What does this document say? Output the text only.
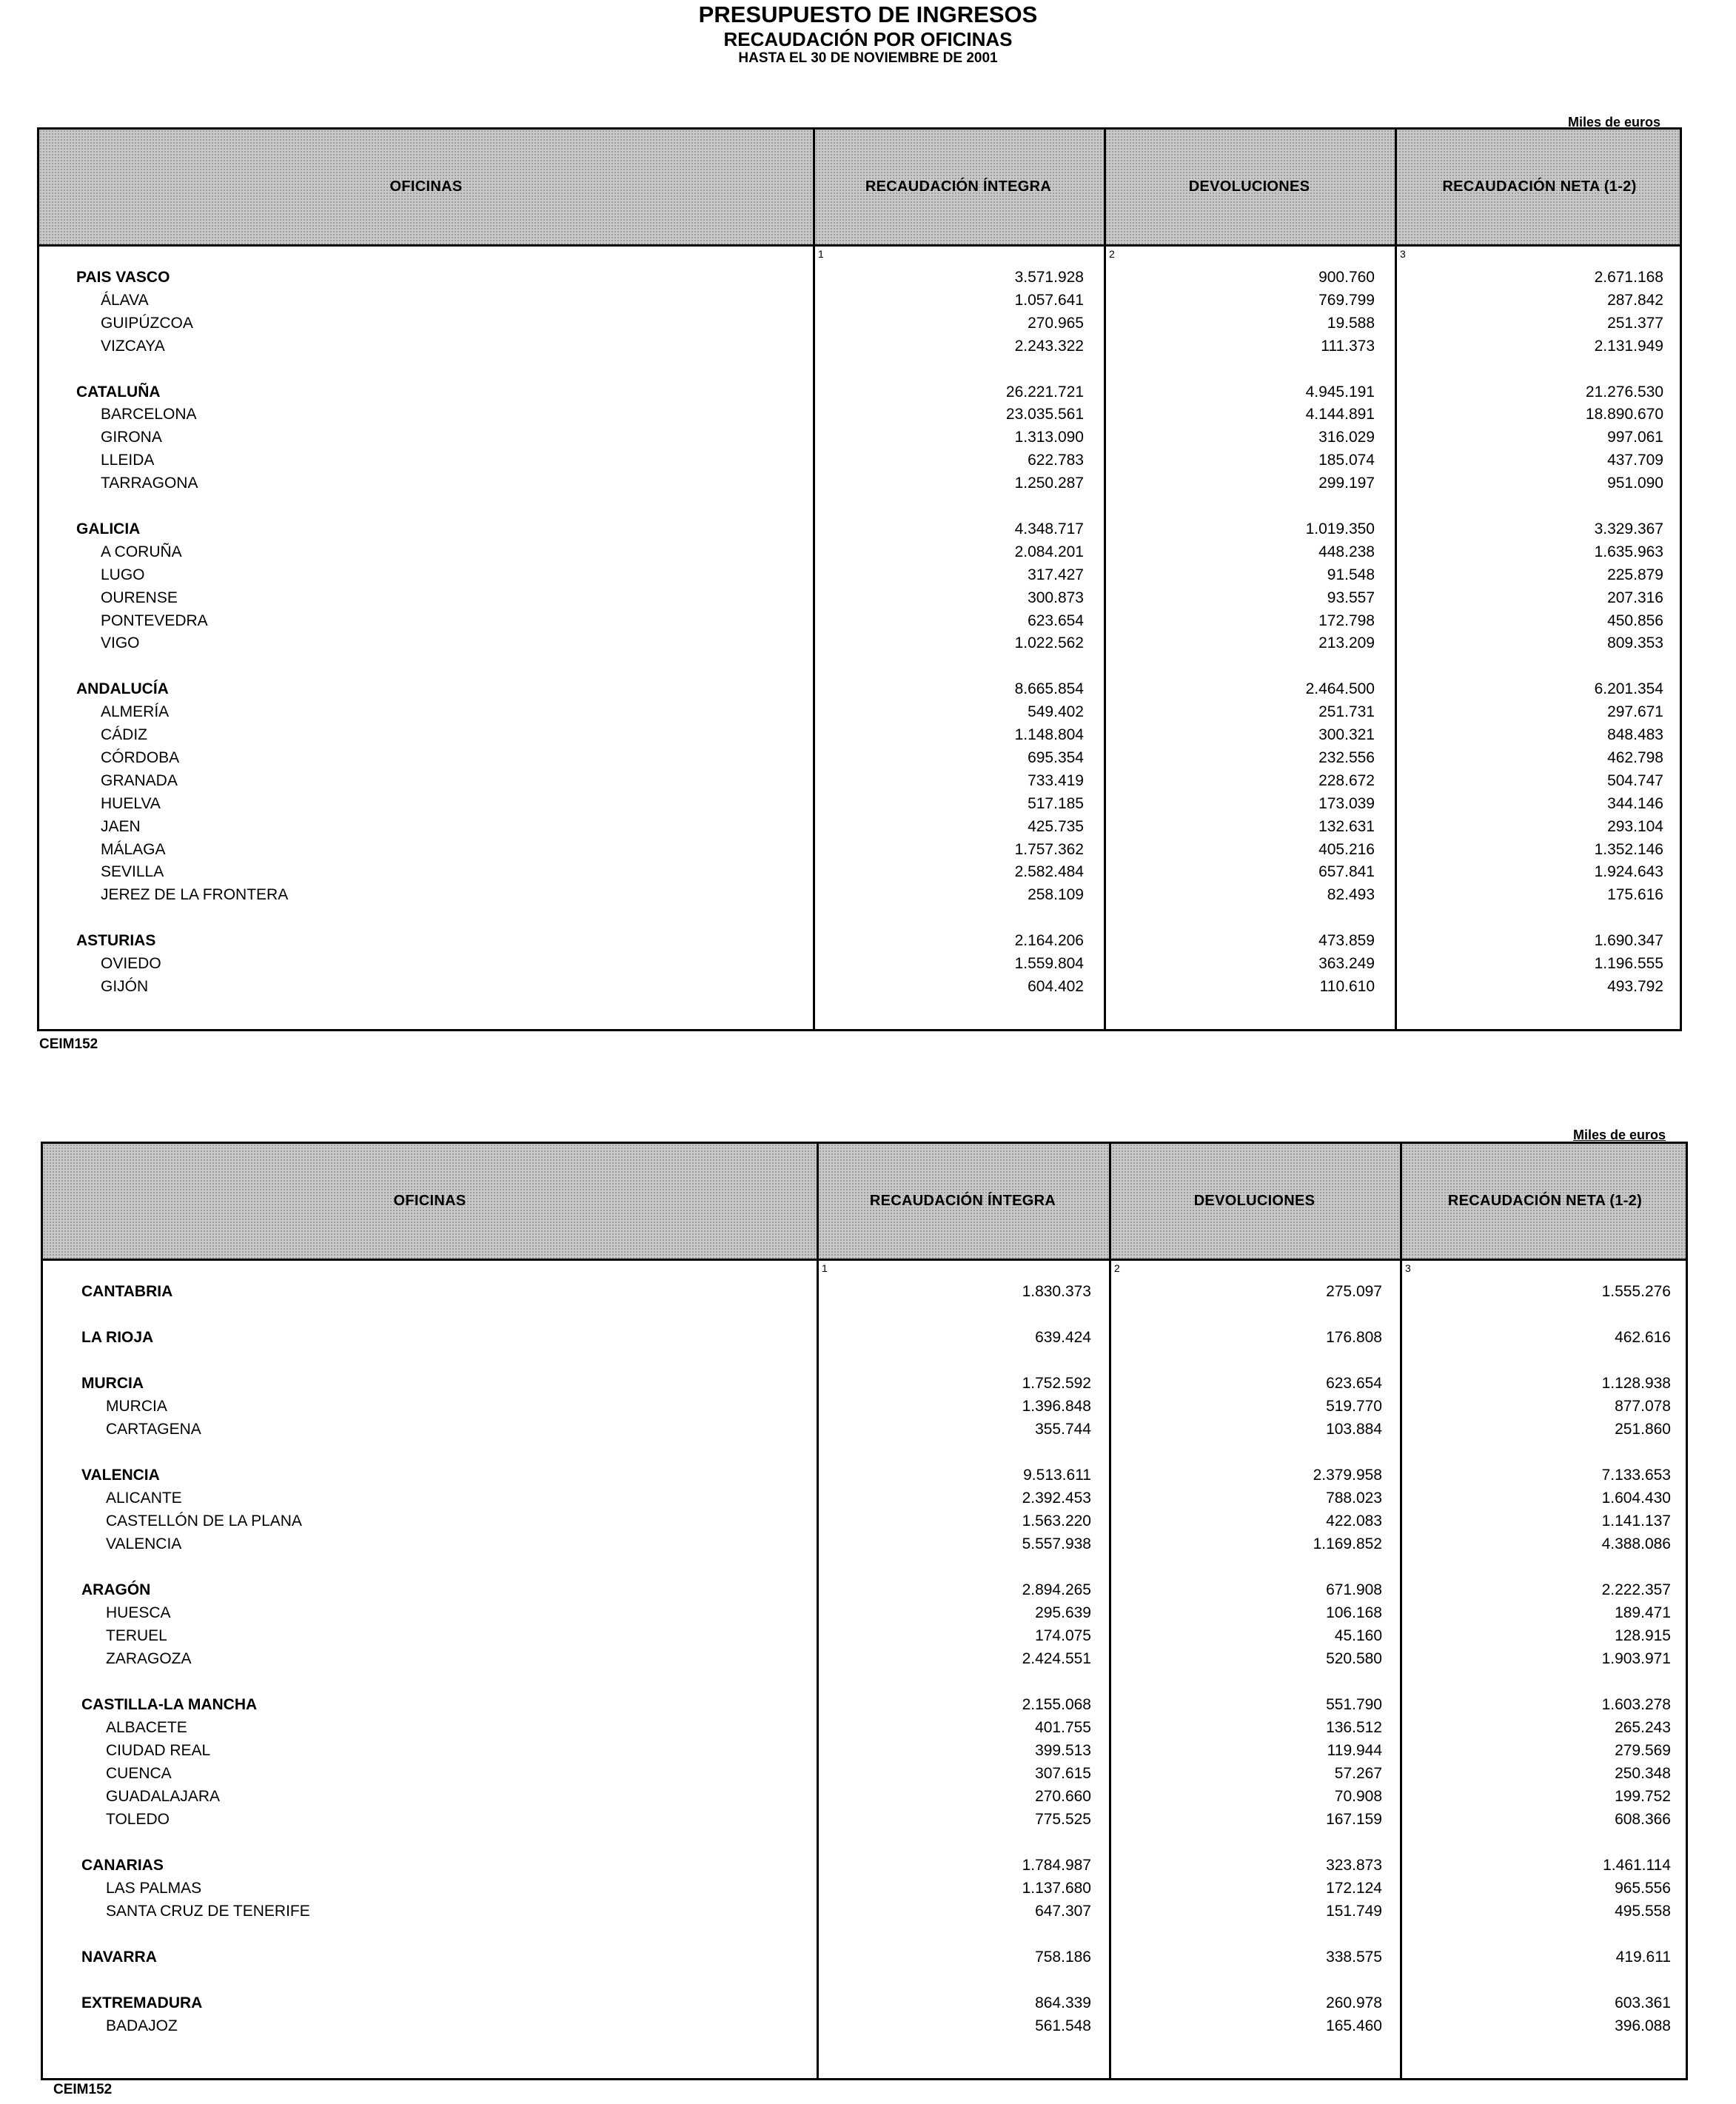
PRESUPUESTO DE INGRESOS
RECAUDACIÓN POR OFICINAS
HASTA EL 30 DE NOVIEMBRE DE 2001
Miles de euros
OFICINAS	RECAUDACIÓN ÍNTEGRA	DEVOLUCIONES	RECAUDACIÓN NETA (1-2)
1	2	3
PAIS VASCO	3.571.928	900.760	2.671.168
ÁLAVA	1.057.641	769.799	287.842
GUIPÚZCOA	270.965	19.588	251.377
VIZCAYA	2.243.322	111.373	2.131.949
CATALUÑA	26.221.721	4.945.191	21.276.530
BARCELONA	23.035.561	4.144.891	18.890.670
GIRONA	1.313.090	316.029	997.061
LLEIDA	622.783	185.074	437.709
TARRAGONA	1.250.287	299.197	951.090
GALICIA	4.348.717	1.019.350	3.329.367
A CORUÑA	2.084.201	448.238	1.635.963
LUGO	317.427	91.548	225.879
OURENSE	300.873	93.557	207.316
PONTEVEDRA	623.654	172.798	450.856
VIGO	1.022.562	213.209	809.353
ANDALUCÍA	8.665.854	2.464.500	6.201.354
ALMERÍA	549.402	251.731	297.671
CÁDIZ	1.148.804	300.321	848.483
CÓRDOBA	695.354	232.556	462.798
GRANADA	733.419	228.672	504.747
HUELVA	517.185	173.039	344.146
JAEN	425.735	132.631	293.104
MÁLAGA	1.757.362	405.216	1.352.146
SEVILLA	2.582.484	657.841	1.924.643
JEREZ DE LA FRONTERA	258.109	82.493	175.616
ASTURIAS	2.164.206	473.859	1.690.347
OVIEDO	1.559.804	363.249	1.196.555
GIJÓN	604.402	110.610	493.792
CEIM152
Miles de euros
OFICINAS	RECAUDACIÓN ÍNTEGRA	DEVOLUCIONES	RECAUDACIÓN NETA (1-2)
1	2	3
CANTABRIA	1.830.373	275.097	1.555.276
LA RIOJA	639.424	176.808	462.616
MURCIA	1.752.592	623.654	1.128.938
MURCIA	1.396.848	519.770	877.078
CARTAGENA	355.744	103.884	251.860
VALENCIA	9.513.611	2.379.958	7.133.653
ALICANTE	2.392.453	788.023	1.604.430
CASTELLÓN DE LA PLANA	1.563.220	422.083	1.141.137
VALENCIA	5.557.938	1.169.852	4.388.086
ARAGÓN	2.894.265	671.908	2.222.357
HUESCA	295.639	106.168	189.471
TERUEL	174.075	45.160	128.915
ZARAGOZA	2.424.551	520.580	1.903.971
CASTILLA-LA MANCHA	2.155.068	551.790	1.603.278
ALBACETE	401.755	136.512	265.243
CIUDAD REAL	399.513	119.944	279.569
CUENCA	307.615	57.267	250.348
GUADALAJARA	270.660	70.908	199.752
TOLEDO	775.525	167.159	608.366
CANARIAS	1.784.987	323.873	1.461.114
LAS PALMAS	1.137.680	172.124	965.556
SANTA CRUZ DE TENERIFE	647.307	151.749	495.558
NAVARRA	758.186	338.575	419.611
EXTREMADURA	864.339	260.978	603.361
BADAJOZ	561.548	165.460	396.088
CEIM152
